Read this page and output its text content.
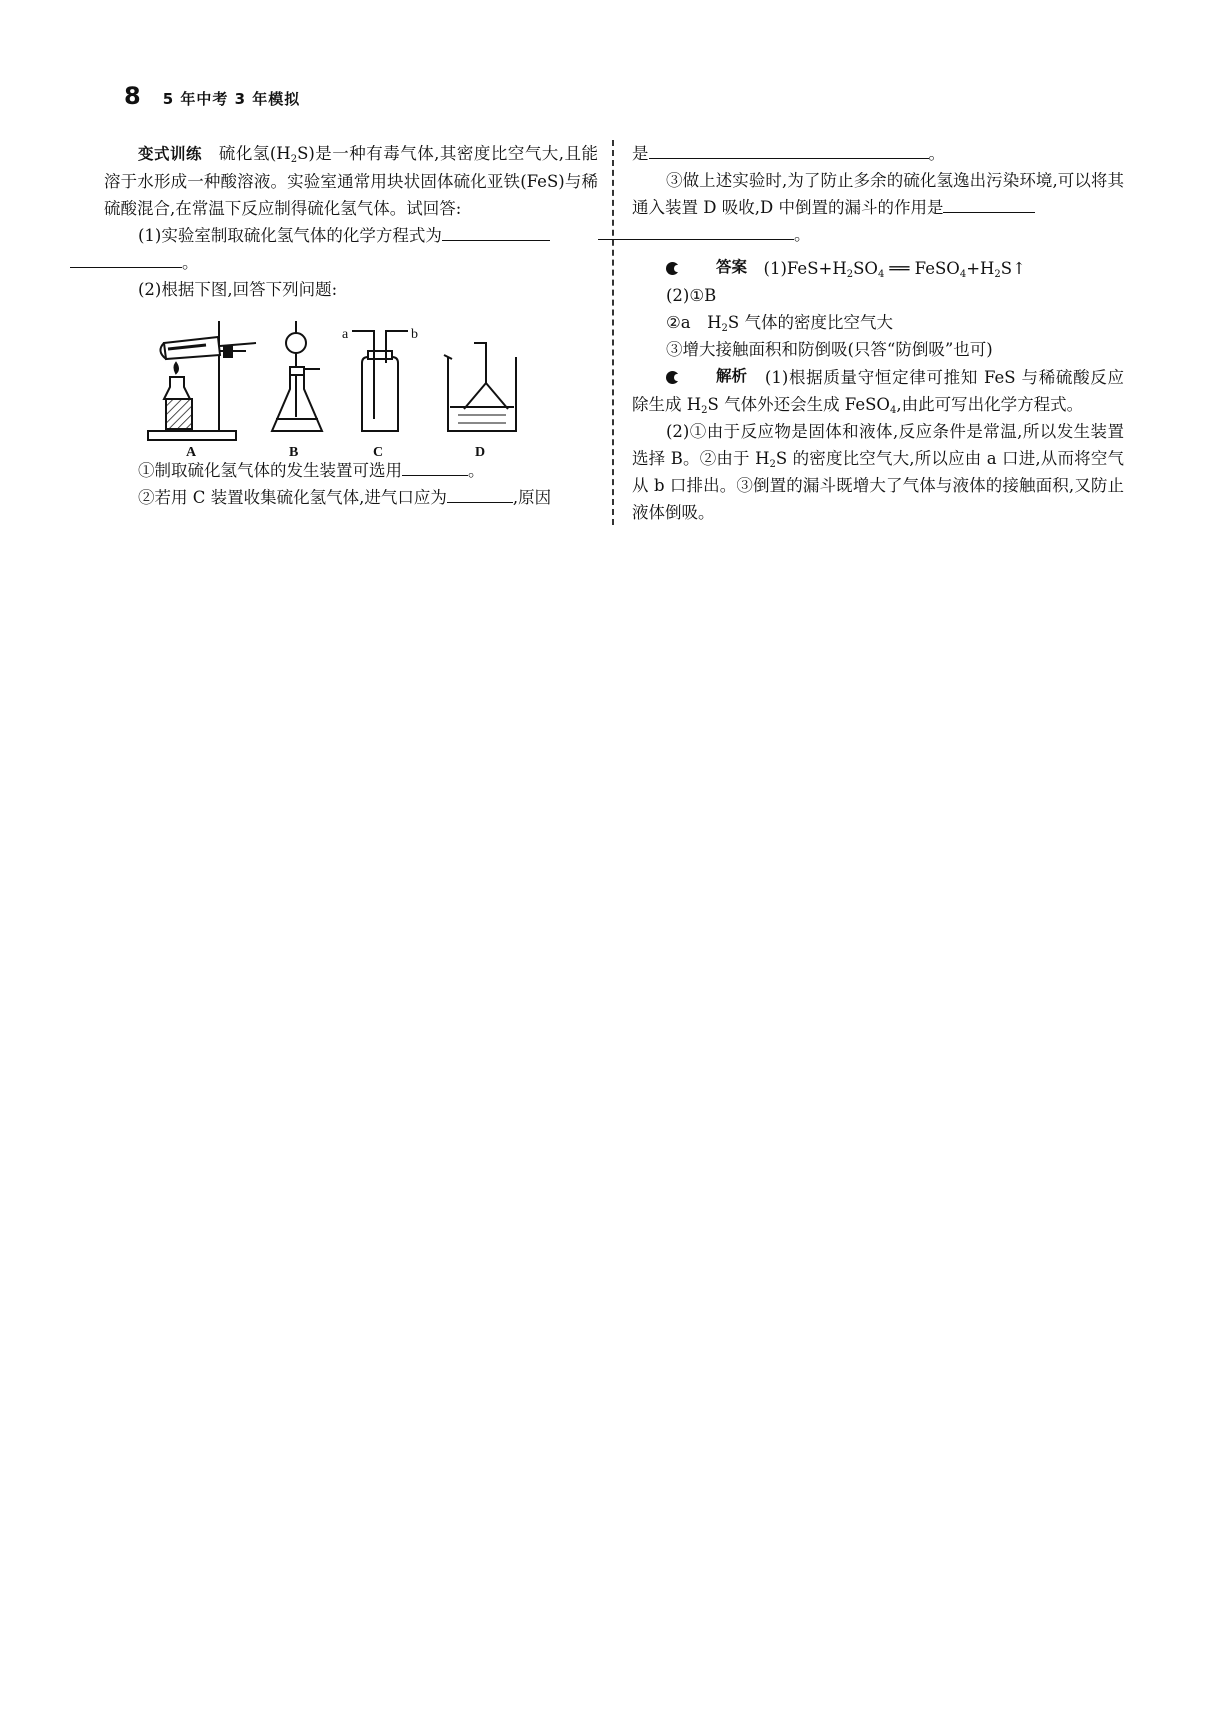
8 5 年中考 3 年模拟

变式训练　 硫化氢$(H_2S)$是一种有毒气体,其密度比空气大,且能溶于水形成一种酸溶液。实验室通常用块状固体硫化亚铁(FeS)与稀硫酸混合,在常温下反应制得硫化氢气体。试回答:

(1)实验室制取硫化氢气体的化学方程式为
。

(2)根据下图,回答下列问题:

A	B	C	D
a	b

①制取硫化氢气体的发生装置可选用	。

②若用 C 装置收集硫化氢气体,进气口应为	,原因

是	。

③做上述实验时,为了防止多余的硫化氢逸出污染环境,可以将其通入装置 D 吸收,D 中倒置的漏斗的作用是
。

答案
　 $(1)FeS+H_2SO_4$ ══ $FeSO_4+H_2S↑$

(2)①B

②a　$H_2S$ 气体的密度比空气大

③增大接触面积和防倒吸(只答“防倒吸”也可)

解析
　 (1)根据质量守恒定律可推知 FeS 与稀硫酸反应除生成 $H_2S$ 气体外还会生成 FeSO$_4$,由此可写出化学方程式。

(2)①由于反应物是固体和液体,反应条件是常温,所以发生装置选择 B。②由于 $H_2S$ 的密度比空气大,所以应由 a 口进,从而将空气从 b 口排出。③倒置的漏斗既增大了气体与液体的接触面积,又防止液体倒吸。
